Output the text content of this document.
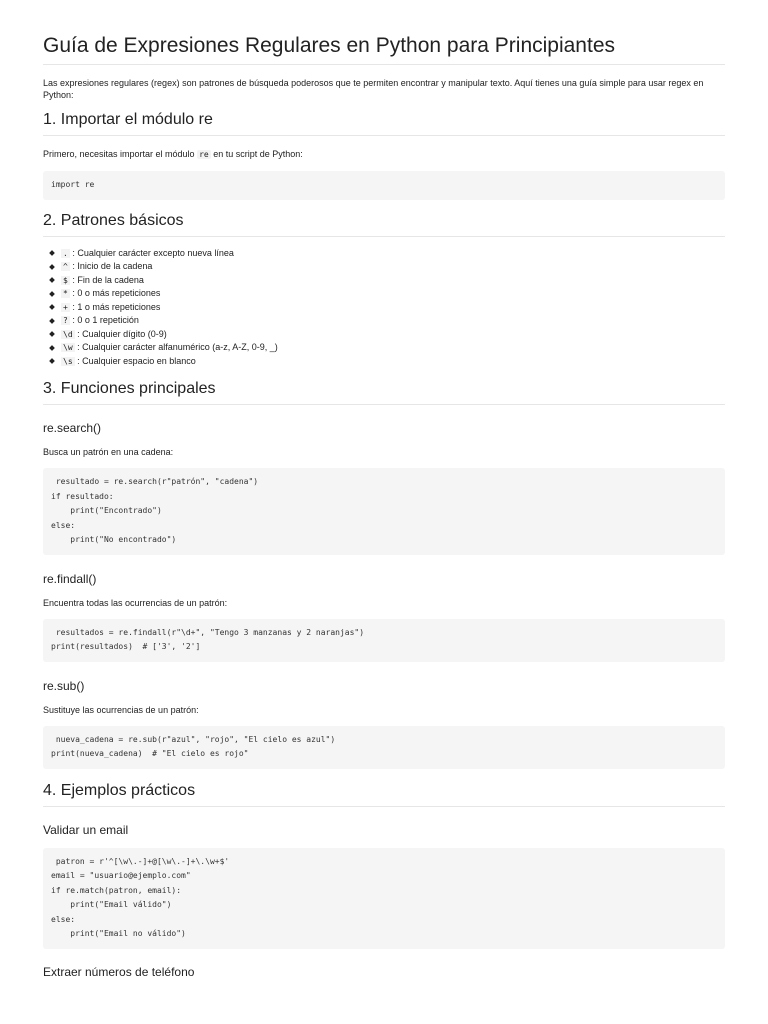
Guía de Expresiones Regulares en Python para Principiantes

Las expresiones regulares (regex) son patrones de búsqueda poderosos que te permiten encontrar y manipular texto. Aquí tienes una guía simple para usar regex en Python:

1. Importar el módulo re

Primero, necesitas importar el módulo re en tu script de Python:

import re
2. Patrones básicos
. : Cualquier carácter excepto nueva línea
^ : Inicio de la cadena
$ : Fin de la cadena
* : 0 o más repeticiones
+ : 1 o más repeticiones
? : 0 o 1 repetición
\d : Cualquier dígito (0-9)
\w : Cualquier carácter alfanumérico (a-z, A-Z, 0-9, _)
\s : Cualquier espacio en blanco
3. Funciones principales
re.search()

Busca un patrón en una cadena:

resultado = re.search(r"patrón", "cadena")
if resultado:
print("Encontrado")
else:
print("No encontrado")
re.findall()

Encuentra todas las ocurrencias de un patrón:

resultados = re.findall(r"\d+", "Tengo 3 manzanas y 2 naranjas")
print(resultados)  # ['3', '2']
re.sub()

Sustituye las ocurrencias de un patrón:

nueva_cadena = re.sub(r"azul", "rojo", "El cielo es azul")
print(nueva_cadena)  # "El cielo es rojo"
4. Ejemplos prácticos
Validar un email
patron = r'^[\w\.-]+@[\w\.-]+\.\w+$'
email = "usuario@ejemplo.com"
if re.match(patron, email):
print("Email válido")
else:
print("Email no válido")
Extraer números de teléfono
